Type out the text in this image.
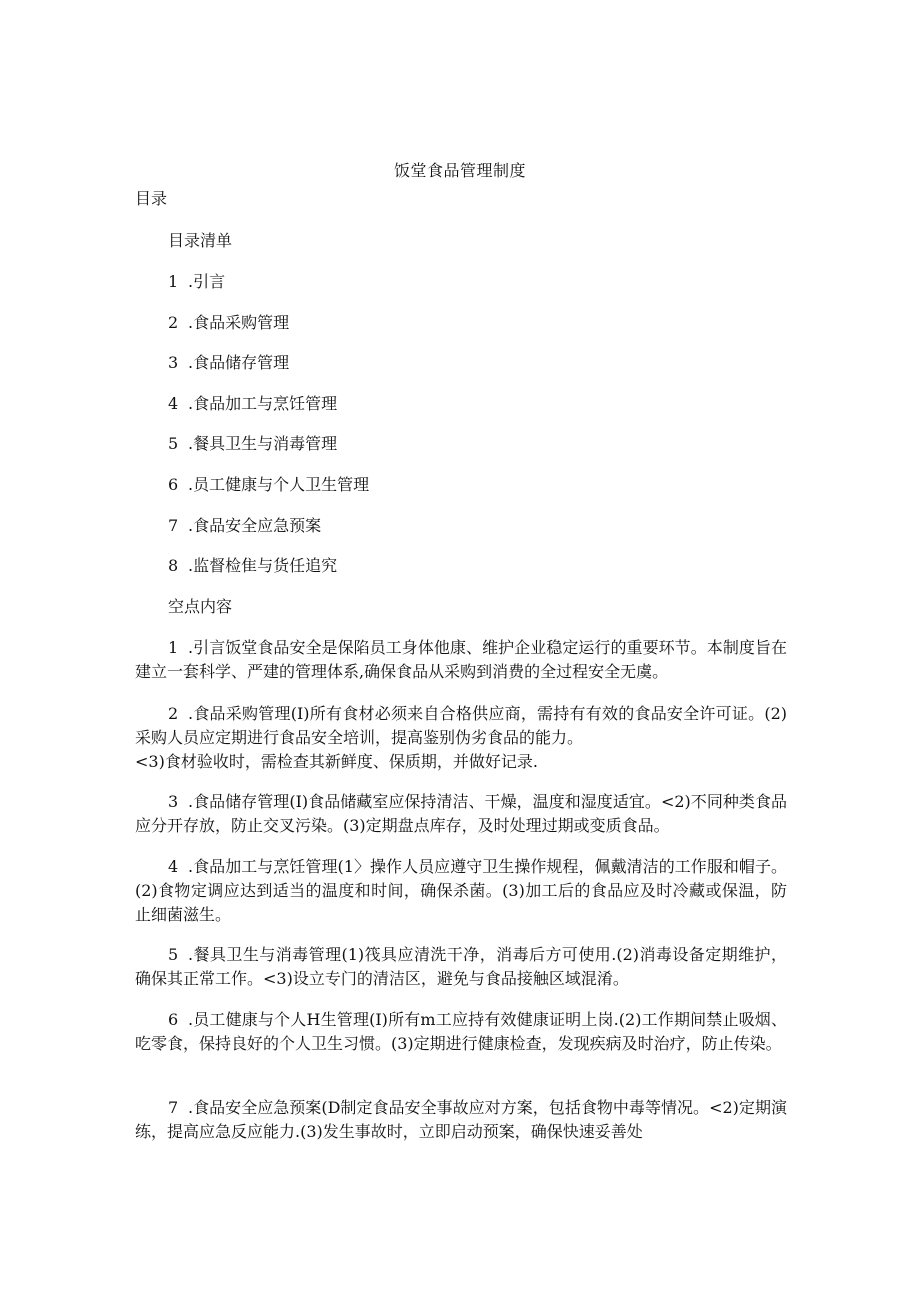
饭堂食品管理制度
目录
目录清单
1 .引言
2 .食品采购管理
3 .食品储存管理
4 .食品加工与烹饪管理
5 .餐具卫生与消毒管理
6 .员工健康与个人卫生管理
7 .食品安全应急预案
8 .监督检隹与货任追究
空点内容
1 .引言饭堂食品安全是保陷员工身体他康、维护企业稳定运行的重要环节。本制度旨在建立一套科学、严建的管理体系,确保食品从采购到消费的全过程安全无虞。
2 .食品采购管理(I)所有食材必须来自合格供应商，需持有有效的食品安全许可证。(2)采购人员应定期进行食品安全培训，提高鉴别伪劣食品的能力。
<3)食材验收时，需检查其新鲜度、保质期，并做好记录.
3 .食品储存管理(I)食品储藏室应保持清洁、干燥，温度和湿度适宜。<2)不同种类食品应分开存放，防止交叉污染。(3)定期盘点库存，及时处理过期或变质食品。
4 .食品加工与烹饪管理(1〉操作人员应遵守卫生操作规程，佩戴清洁的工作服和帽子。(2)食物定调应达到适当的温度和时间，确保杀菌。(3)加工后的食品应及时冷藏或保温，防止细菌滋生。
5 .餐具卫生与消毒管理(1)筏具应清洗干净，消毒后方可使用.(2)消毒设备定期维护，确保其正常工作。<3)设立专门的清洁区，避免与食品接触区域混淆。
6 .员工健康与个人H生管理(I)所有m工应持有效健康证明上岗.(2)工作期间禁止吸烟、吃零食，保持良好的个人卫生习惯。(3)定期进行健康检查，发现疾病及时治疗，防止传染。
7 .食品安全应急预案(D制定食品安全事故应对方案，包括食物中毒等情况。<2)定期演练，提高应急反应能力.(3)发生事故时，立即启动预案，确保快速妥善处
